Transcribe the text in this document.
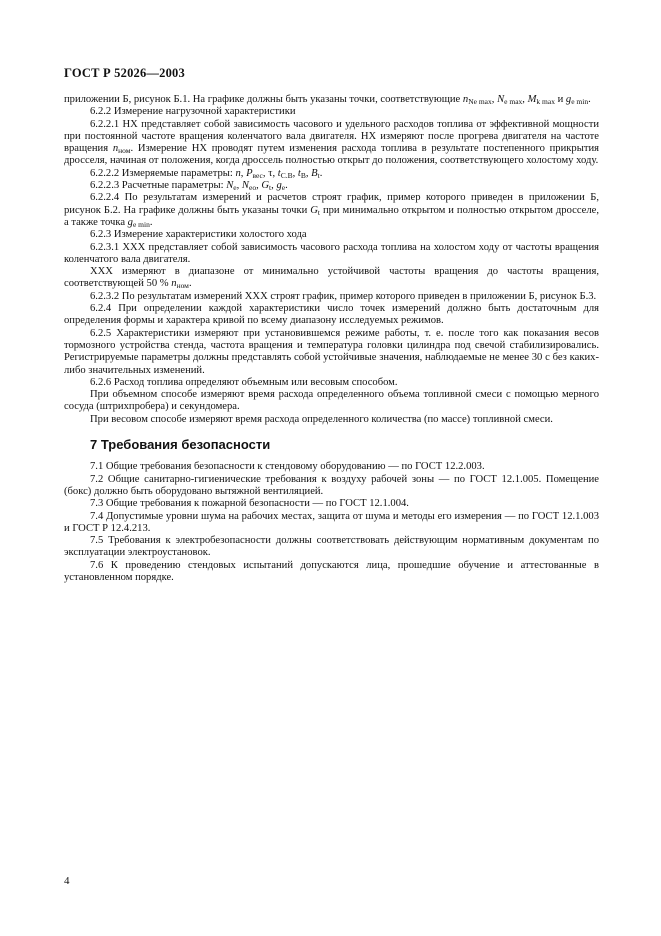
ГОСТ Р 52026—2003

приложении Б, рисунок Б.1. На графике должны быть указаны точки, соответствующие $n_{Ne max}$, $N_{e max}$, $M_{k max}$ и $g_{e min}$.

6.2.2 Измерение нагрузочной характеристики

6.2.2.1 НХ представляет собой зависимость часового и удельного расходов топлива от эффективной мощности при постоянной частоте вращения коленчатого вала двигателя. НХ измеряют после прогрева двигателя на частоте вращения $n_{ном}$. Измерение НХ проводят путем изменения расхода топлива в результате постепенного прикрытия дросселя, начиная от положения, когда дроссель полностью открыт до положения, соответствующего холостому ходу.

6.2.2.2 Измеряемые параметры: n, $P_{вес}$, τ, $t_{С.В}$, $t_В$, $B_t$.

6.2.2.3 Расчетные параметры: $N_e$, $N_{eo}$, $G_t$, $g_e$.

6.2.2.4 По результатам измерений и расчетов строят график, пример которого приведен в приложении Б, рисунок Б.2. На графике должны быть указаны точки $G_t$ при минимально открытом и полностью открытом дросселе, а также точка $g_{e min}$.

6.2.3 Измерение характеристики холостого хода

6.2.3.1 ХХХ представляет собой зависимость часового расхода топлива на холостом ходу от частоты вращения коленчатого вала двигателя.

ХХХ измеряют в диапазоне от минимально устойчивой частоты вращения до частоты вращения, соответствующей 50 % $n_{ном}$.

6.2.3.2 По результатам измерений ХХХ строят график, пример которого приведен в приложении Б, рисунок Б.3.

6.2.4 При определении каждой характеристики число точек измерений должно быть достаточным для определения формы и характера кривой по всему диапазону исследуемых режимов.

6.2.5 Характеристики измеряют при установившемся режиме работы, т. е. после того как показания весов тормозного устройства стенда, частота вращения и температура головки цилиндра под свечой стабилизировались. Регистрируемые параметры должны представлять собой устойчивые значения, наблюдаемые не менее 30 с без каких-либо значительных изменений.

6.2.6 Расход топлива определяют объемным или весовым способом.

При объемном способе измеряют время расхода определенного объема топливной смеси с помощью мерного сосуда (штрихпробера) и секундомера.

При весовом способе измеряют время расхода определенного количества (по массе) топливной смеси.

7 Требования безопасности

7.1 Общие требования безопасности к стендовому оборудованию — по ГОСТ 12.2.003.

7.2 Общие санитарно-гигиенические требования к воздуху рабочей зоны — по ГОСТ 12.1.005. Помещение (бокс) должно быть оборудовано вытяжной вентиляцией.

7.3 Общие требования к пожарной безопасности — по ГОСТ 12.1.004.

7.4 Допустимые уровни шума на рабочих местах, защита от шума и методы его измерения — по ГОСТ 12.1.003 и ГОСТ Р 12.4.213.

7.5 Требования к электробезопасности должны соответствовать действующим нормативным документам по эксплуатации электроустановок.

7.6 К проведению стендовых испытаний допускаются лица, прошедшие обучение и аттестованные в установленном порядке.

4
